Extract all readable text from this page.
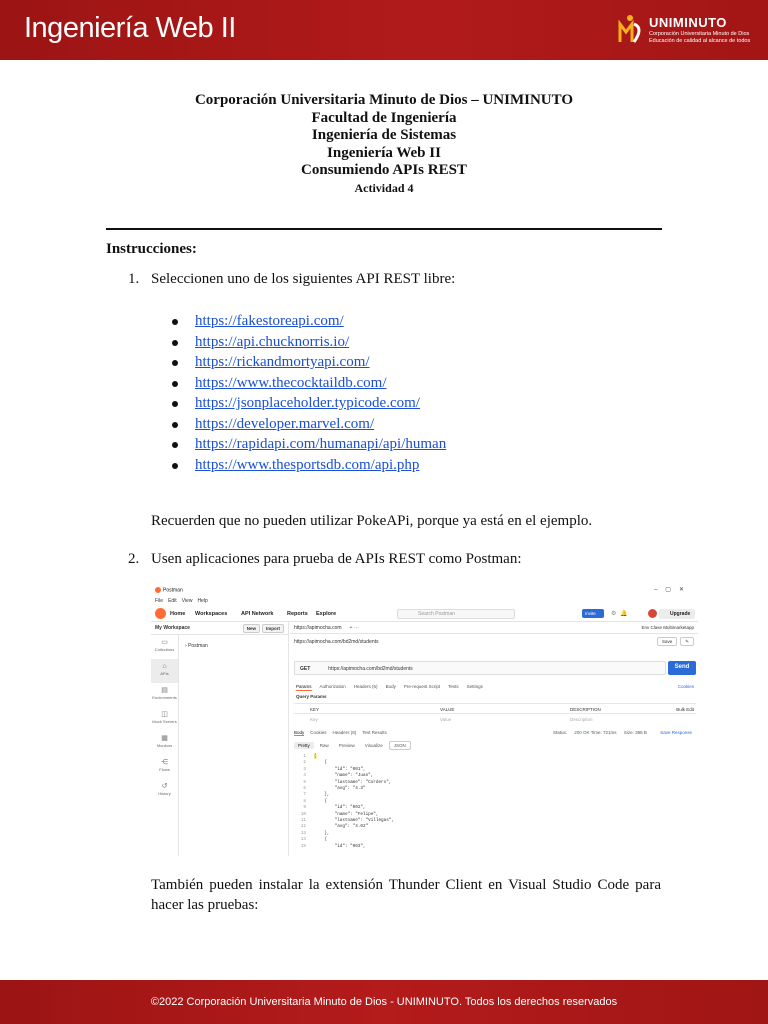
Ingeniería Web II	UNIMINUTO
Corporación Universitaria Minuto de Dios
Educación de calidad al alcance de todos
Corporación Universitaria Minuto de Dios – UNIMINUTO
Facultad de Ingeniería
Ingeniería de Sistemas
Ingeniería Web II
Consumiendo APIs REST
Actividad 4
Instrucciones:
1. Seleccionen uno de los siguientes API REST libre:
https://fakestoreapi.com/
https://api.chucknorris.io/
https://rickandmortyapi.com/
https://www.thecocktaildb.com/
https://jsonplaceholder.typicode.com/
https://developer.marvel.com/
https://rapidapi.com/humanapi/api/human
https://www.thesportsdb.com/api.php
Recuerden que no pueden utilizar PokeAPi, porque ya está en el ejemplo.
2. Usen aplicaciones para prueba de APIs REST como Postman:
Postman	–▢✕
File Edit View Help
Home Workspaces API Network Reports Explore	Search Postman	Invite	⚙🔔	Upgrade
My Workspace	New Import
▭
Collections
⌂
APIs
▤
Environments
◫
Mock Servers
▦
Monitors
⋲
Flows
↺
History
› Postman
https://apimocha.com + ···	Env Clase Multimarketapp
https://apimocha.com/bd2md/students	Save	✎
GET	https://apimocha.com/bd2md/students	Send
Params Authorization Headers (6) Body Pre-request Script Tests Settings	Cookies
Query Params
KEY	VALUE	DESCRIPTION	Bulk Edit
Key	Value	Description
Body Cookies Headers (8) Test Results	Status: 200 OK Time: 721ms Size: 398 B	Save Response
Pretty Raw Preview Visualize JSON
1 [
2    {
3        "id": "001",
4        "name": "Juan",
5        "lastname": "Cordero",
6        "avg": "4.3"
7    },
8    {
9        "id": "002",
10        "name": "Felipe",
11        "lastname": "Villegas",
12        "avg": "4.02"
13    },
14    {
15        "id": "003",
También pueden instalar la extensión Thunder Client en Visual Studio Code para hacer las pruebas:
©2022 Corporación Universitaria Minuto de Dios - UNIMINUTO. Todos los derechos reservados
